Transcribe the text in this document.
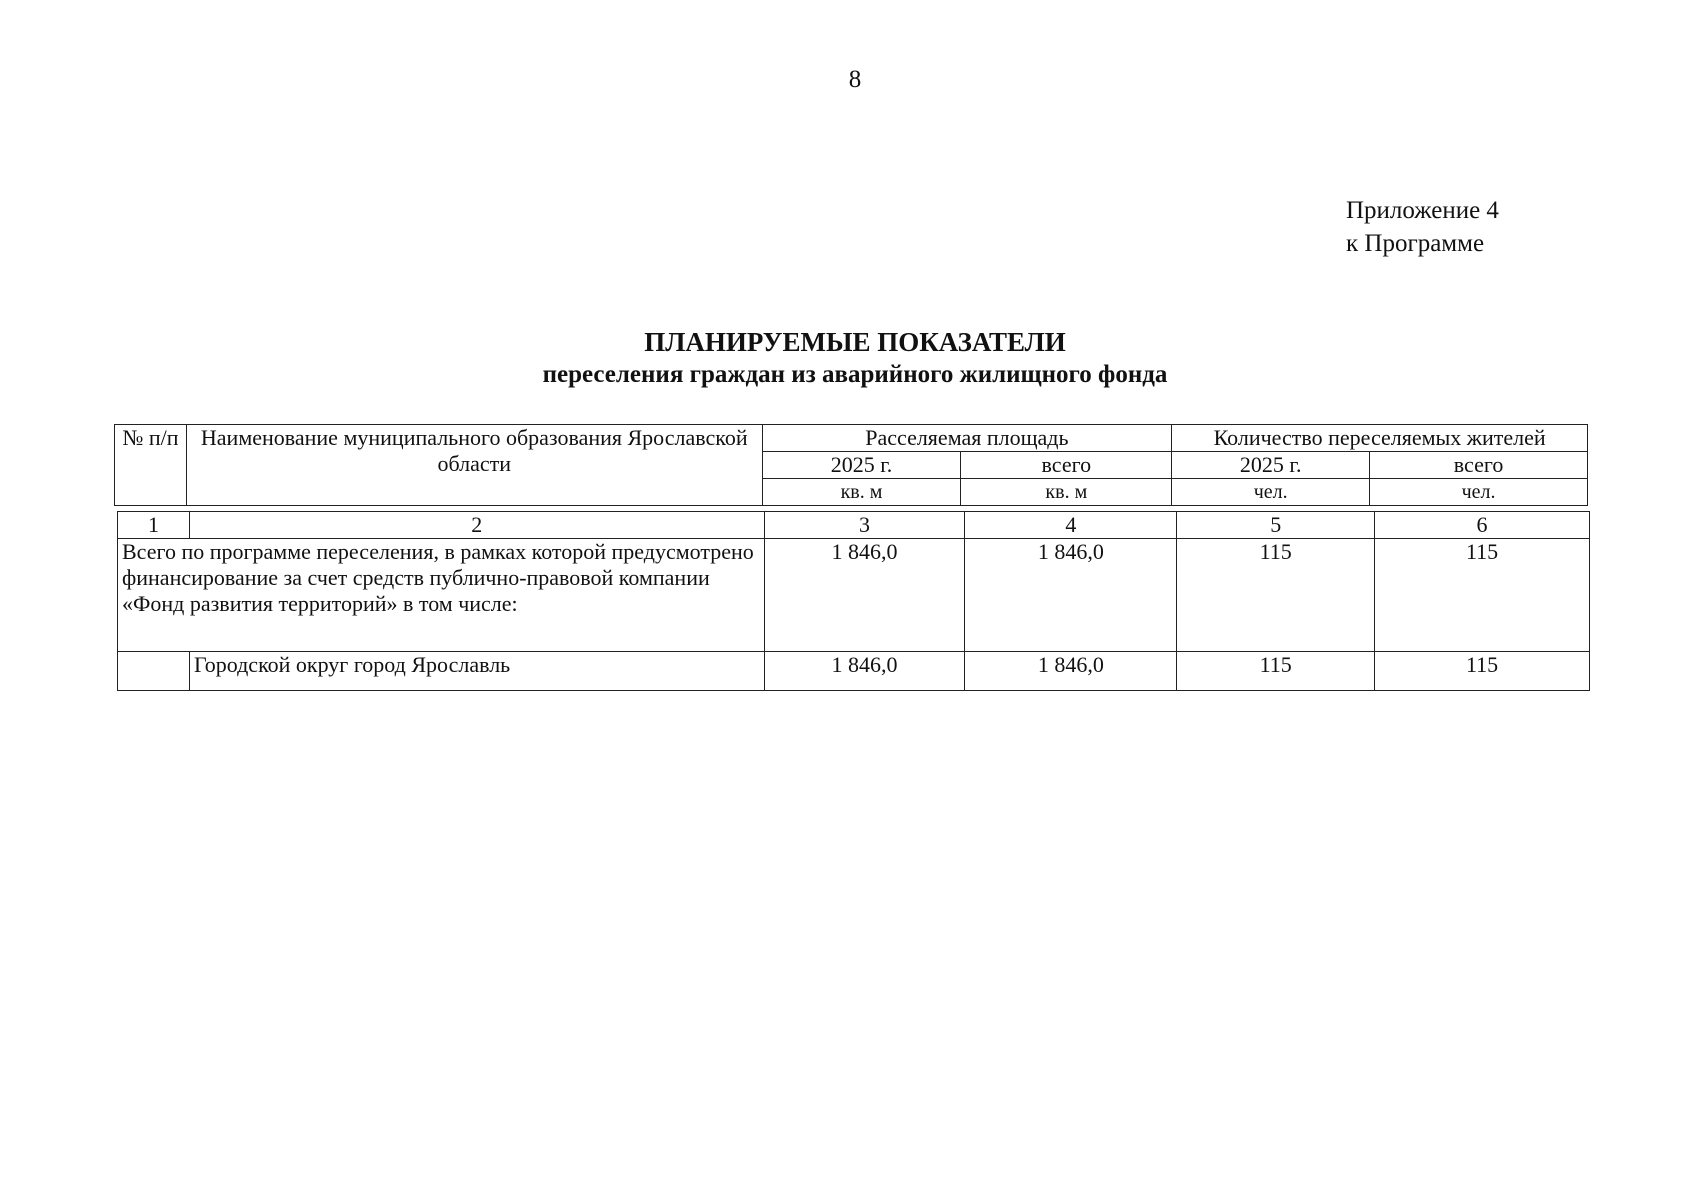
8
Приложение 4
к Программе
ПЛАНИРУЕМЫЕ ПОКАЗАТЕЛИ
переселения граждан из аварийного жилищного фонда
№ п/п	Наименование муниципального образования Ярославской области	Расселяемая площадь		Количество переселяемых жителей	
		2025 г.	всего	2025 г.	всего
		кв. м	кв. м	чел.	чел.
1	2	3	4	5	6
Всего по программе переселения, в рамках которой предусмотрено финансирование за счет средств публично-правовой компании «Фонд развития территорий» в том числе:		1 846,0	1 846,0	115	115
	Городской округ город Ярославль	1 846,0	1 846,0	115	115
